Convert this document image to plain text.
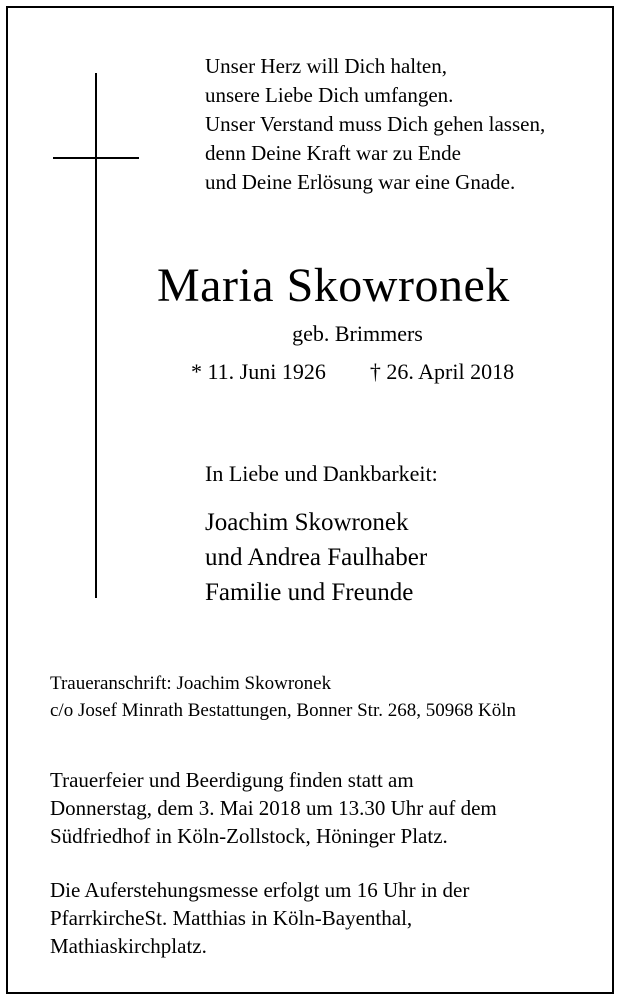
Unser Herz will Dich halten,
unsere Liebe Dich umfangen.
Unser Verstand muss Dich gehen lassen,
denn Deine Kraft war zu Ende
und Deine Erlösung war eine Gnade.
Maria Skowronek
geb. Brimmers
* 11. Juni 1926 † 26. April 2018
In Liebe und Dankbarkeit:
Joachim Skowronek
und Andrea Faulhaber
Familie und Freunde
Traueranschrift: Joachim Skowronek
c/o Josef Minrath Bestattungen, Bonner Str. 268, 50968 Köln
Trauerfeier und Beerdigung finden statt am
Donnerstag, dem 3. Mai 2018 um 13.30 Uhr auf dem
Südfriedhof in Köln-Zollstock, Höninger Platz.
Die Auferstehungsmesse erfolgt um 16 Uhr in der
PfarrkircheSt. Matthias in Köln-Bayenthal,
Mathiaskirchplatz.
